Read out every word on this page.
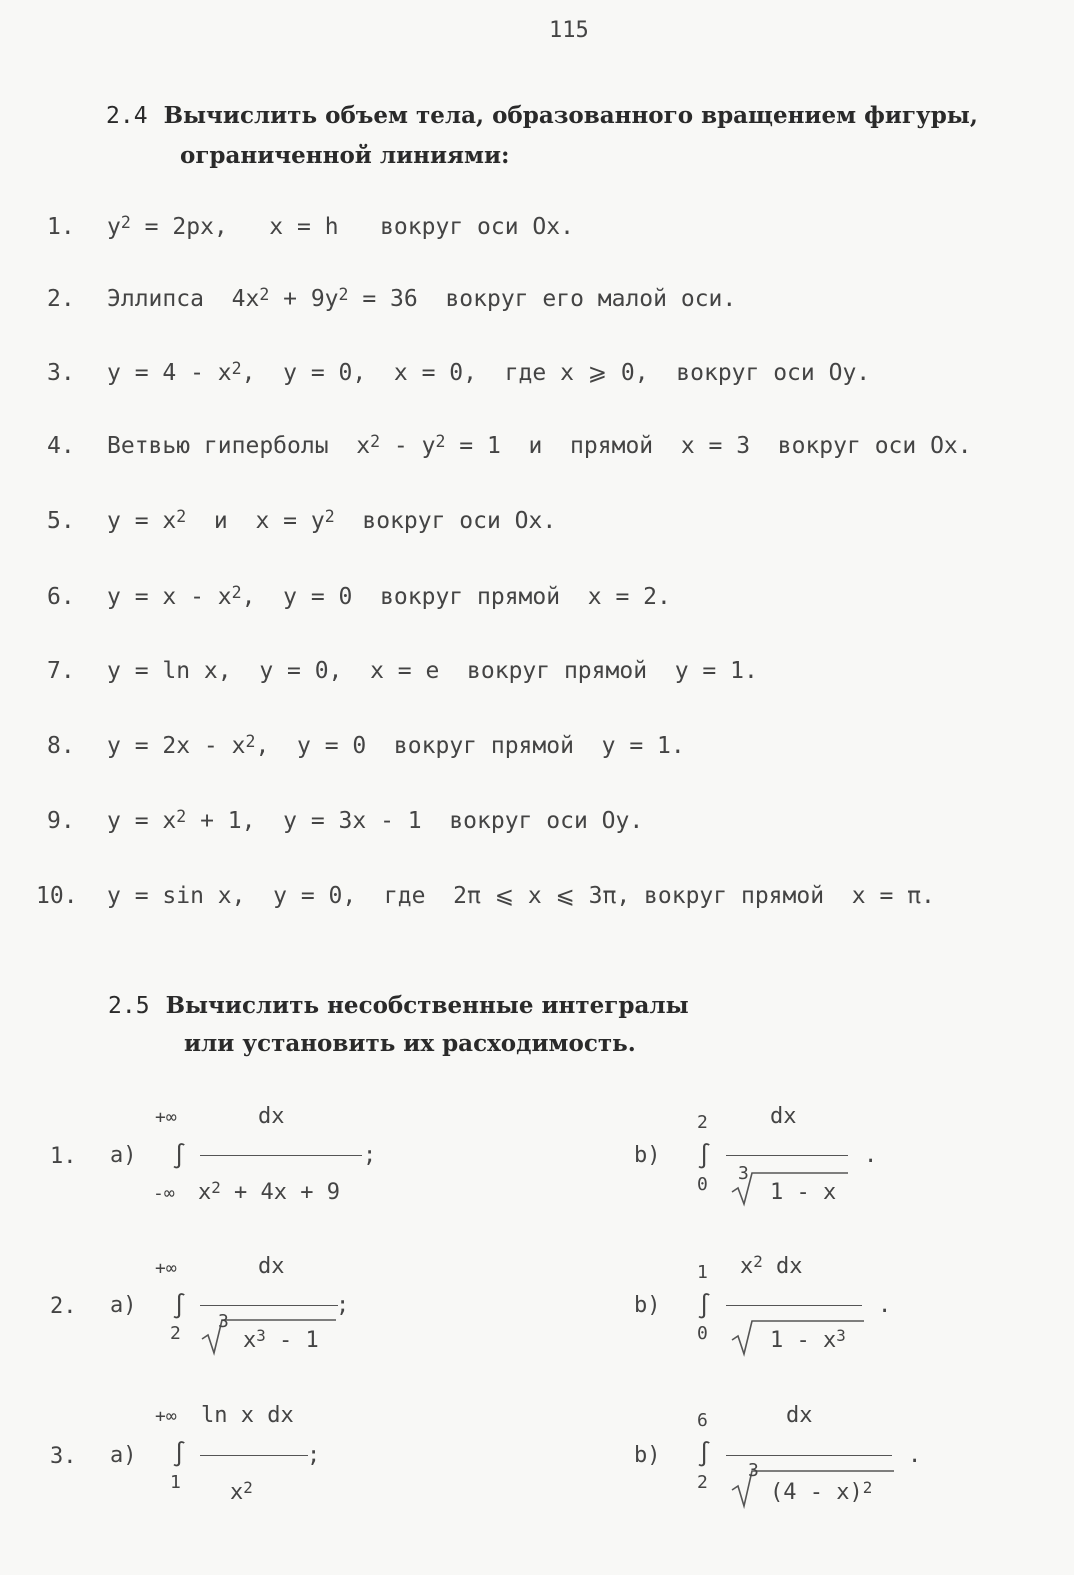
115
2.4 Вычислить объем тела, образованного вращением фигуры,
ограниченной линиями:
1. $y^2 = 2px$,   x = h   вокруг оси Ox.
2. Эллипса  $4x^2 + 9y^2 = 36$  вокруг его малой оси.
3. $y = 4 - x^2$,  y = 0,  x = 0,  где x ⩾ 0,  вокруг оси Oy.
4. Ветвью гиперболы  $x^2 - y^2 = 1$  и  прямой  x = 3  вокруг оси Ox.
5. $y = x^2$  и  $x = y^2$  вокруг оси Ox.
6. $y = x - x^2$,  y = 0  вокруг прямой  x = 2.
7. y = ln x,  y = 0,  x = e  вокруг прямой  y = 1.
8. $y = 2x - x^2$,  y = 0  вокруг прямой  y = 1.
9. $y = x^2 + 1$,  y = 3x - 1  вокруг оси Oy.
10. y = sin x,  y = 0,  где  2π ⩽ x ⩽ 3π, вокруг прямой  x = π.
2.5 Вычислить несобственные интегралы
или установить их расходимость.
1. a)
+∞
∫
-∞
dx
;
$x^2 + 4x + 9$
b)
2
∫
0
dx
3
1 - x
.
2. a)
+∞
∫
2
dx
;
3
$x^3 - 1$
b)
1
∫
0
$x^2$ dx
$1 - x^3$
.
3. a)
+∞
∫
1
ln x dx
;
$x^2$
b)
6
∫
2
dx
3
(4 - x)$^2$
.
